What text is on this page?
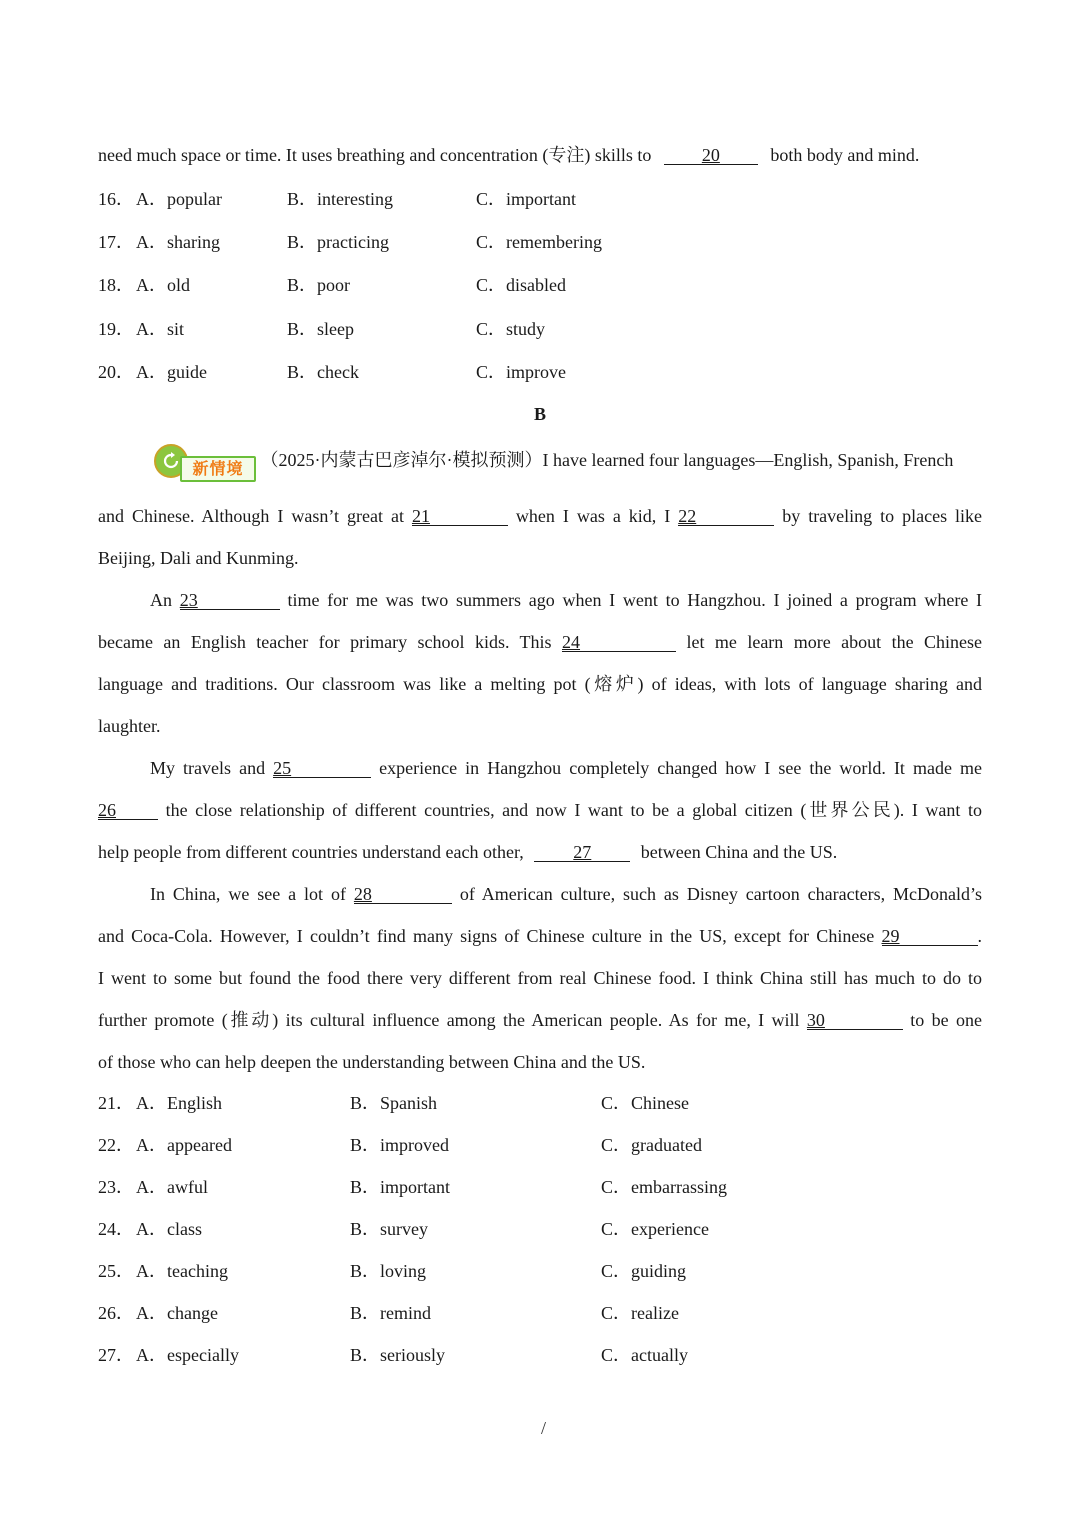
need much space or time. It uses breathing and concentration (专注) skills to	20	both body and mind.
16． A．popular	B．interesting	C．important
17． A．sharing	B．practicing	C．remembering
18． A．old	B．poor	C．disabled
19． A．sit	B．sleep	C．study
20． A．guide	B．check	C．improve
B
新情境 （2025·内蒙古巴彦淖尔·模拟预测）I have learned four languages—English, Spanish, French
and Chinese. Although I wasn’t great at 21	when I was a kid, I 22	by traveling to places like
Beijing, Dali and Kunming.
An 23	time for me was two summers ago when I went to Hangzhou. I joined a program where I
became an English teacher for primary school kids. This 24	let me learn more about the Chinese
language and traditions. Our classroom was like a melting pot (熔炉) of ideas, with lots of language sharing and
laughter.
My travels and 25	experience in Hangzhou completely changed how I see the world. It made me
26	the close relationship of different countries, and now I want to be a global citizen (世界公民). I want to
help people from different countries understand each other,	27	between China and the US.
In China, we see a lot of 28	of American culture, such as Disney cartoon characters, McDonald’s
and Coca-Cola. However, I couldn’t find many signs of Chinese culture in the US, except for Chinese 29	.
I went to some but found the food there very different from real Chinese food. I think China still has much to do to
further promote (推动) its cultural influence among the American people. As for me, I will 30	to be one
of those who can help deepen the understanding between China and the US.
21． A．English	B．Spanish	C．Chinese
22． A．appeared	B．improved	C．graduated
23． A．awful	B．important	C．embarrassing
24． A．class	B．survey	C．experience
25． A．teaching	B．loving	C．guiding
26． A．change	B．remind	C．realize
27． A．especially	B．seriously	C．actually
/
